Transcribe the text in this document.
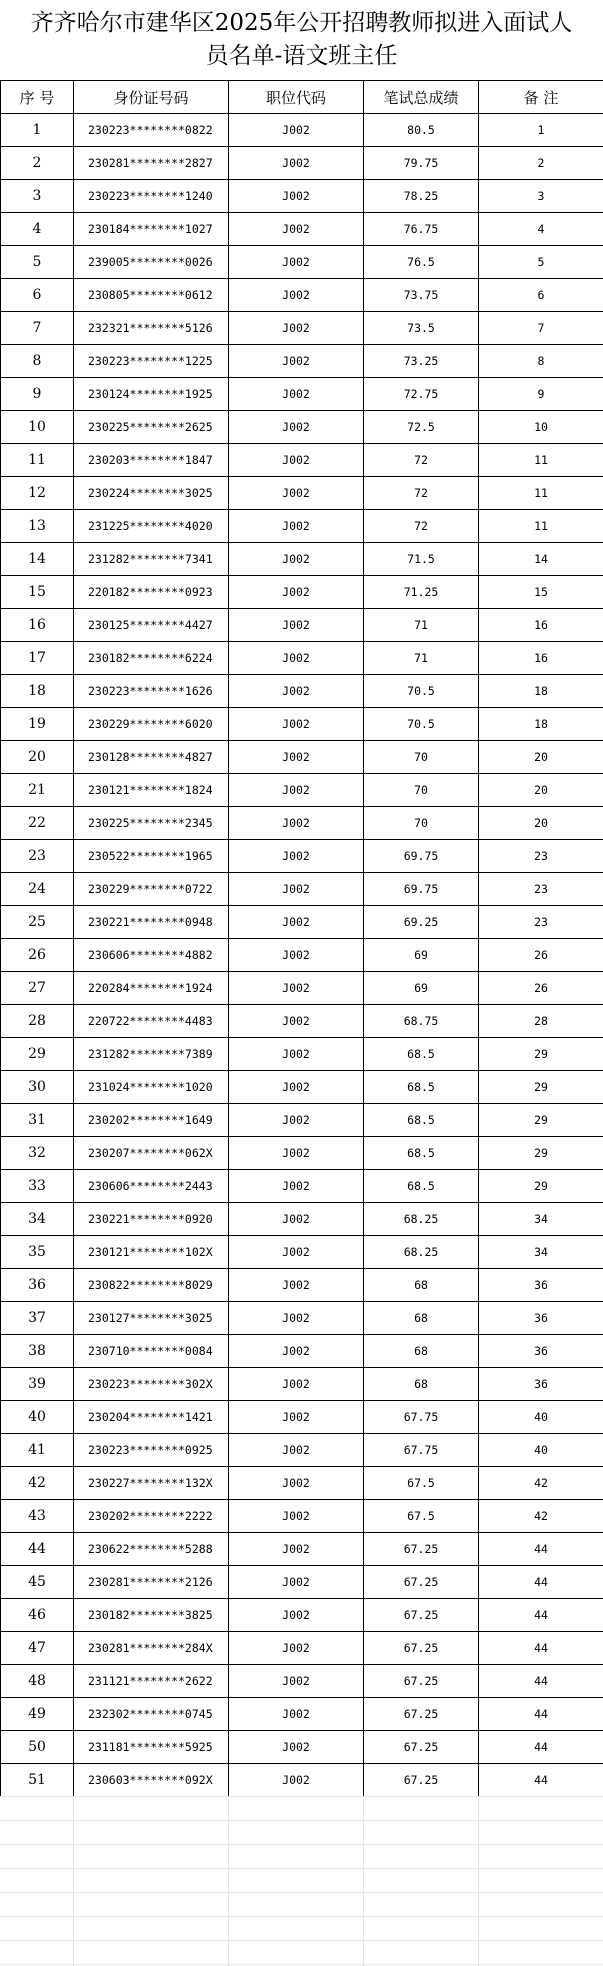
齐齐哈尔市建华区2025年公开招聘教师拟进入面试人
员名单-语文班主任
序 号	身份证号码	职位代码	笔试总成绩	备 注
1	230223********0822	J002	80.5	1
2	230281********2827	J002	79.75	2
3	230223********1240	J002	78.25	3
4	230184********1027	J002	76.75	4
5	239005********0026	J002	76.5	5
6	230805********0612	J002	73.75	6
7	232321********5126	J002	73.5	7
8	230223********1225	J002	73.25	8
9	230124********1925	J002	72.75	9
10	230225********2625	J002	72.5	10
11	230203********1847	J002	72	11
12	230224********3025	J002	72	11
13	231225********4020	J002	72	11
14	231282********7341	J002	71.5	14
15	220182********0923	J002	71.25	15
16	230125********4427	J002	71	16
17	230182********6224	J002	71	16
18	230223********1626	J002	70.5	18
19	230229********6020	J002	70.5	18
20	230128********4827	J002	70	20
21	230121********1824	J002	70	20
22	230225********2345	J002	70	20
23	230522********1965	J002	69.75	23
24	230229********0722	J002	69.75	23
25	230221********0948	J002	69.25	23
26	230606********4882	J002	69	26
27	220284********1924	J002	69	26
28	220722********4483	J002	68.75	28
29	231282********7389	J002	68.5	29
30	231024********1020	J002	68.5	29
31	230202********1649	J002	68.5	29
32	230207********062X	J002	68.5	29
33	230606********2443	J002	68.5	29
34	230221********0920	J002	68.25	34
35	230121********102X	J002	68.25	34
36	230822********8029	J002	68	36
37	230127********3025	J002	68	36
38	230710********0084	J002	68	36
39	230223********302X	J002	68	36
40	230204********1421	J002	67.75	40
41	230223********0925	J002	67.75	40
42	230227********132X	J002	67.5	42
43	230202********2222	J002	67.5	42
44	230622********5288	J002	67.25	44
45	230281********2126	J002	67.25	44
46	230182********3825	J002	67.25	44
47	230281********284X	J002	67.25	44
48	231121********2622	J002	67.25	44
49	232302********0745	J002	67.25	44
50	231181********5925	J002	67.25	44
51	230603********092X	J002	67.25	44
